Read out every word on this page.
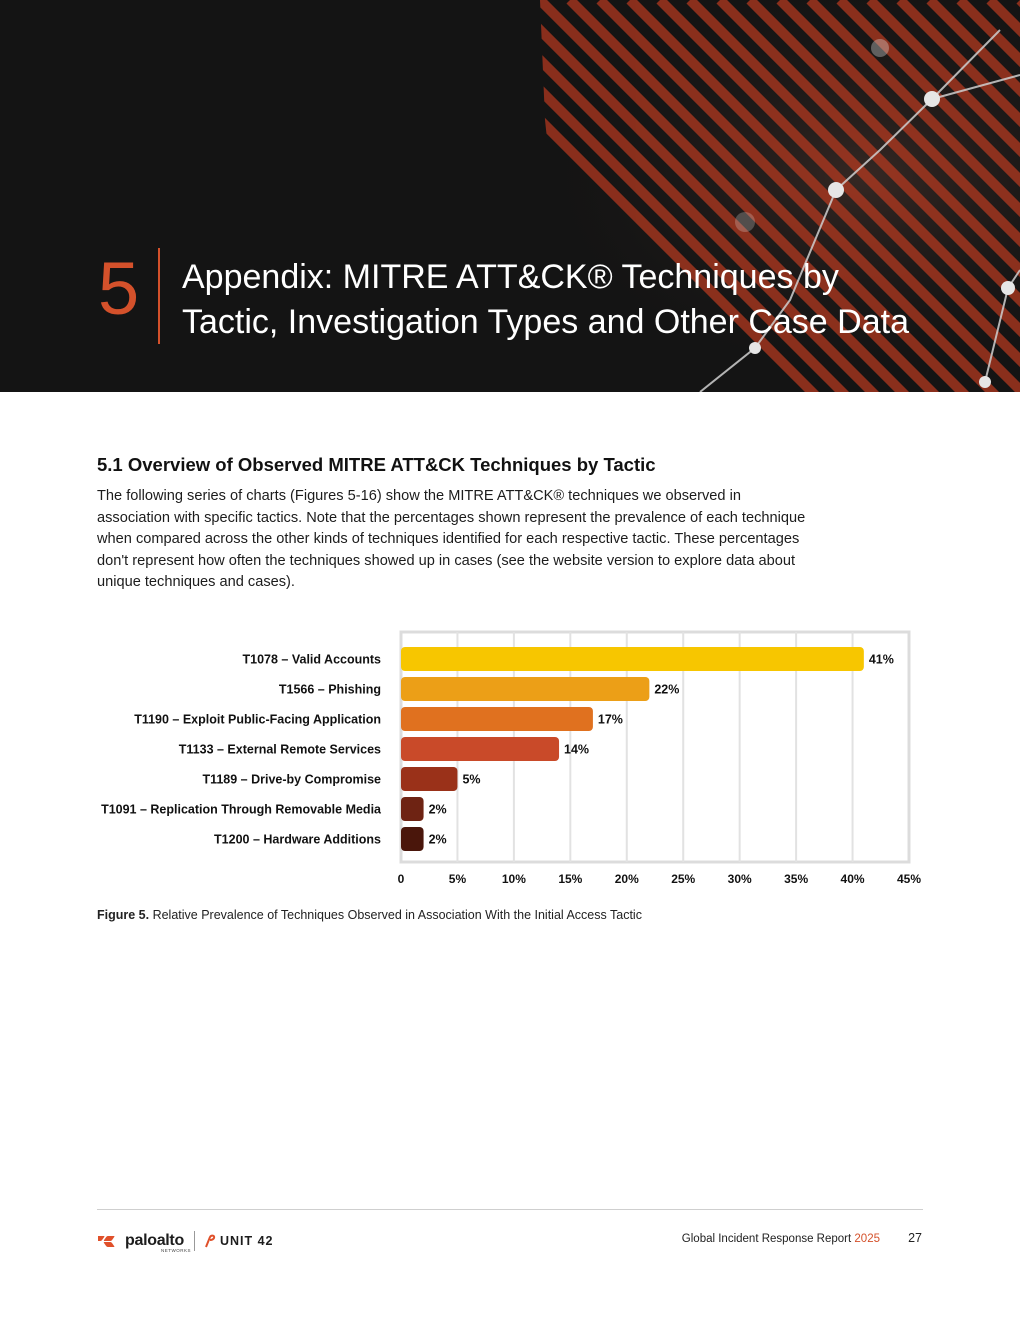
5 Appendix: MITRE ATT&CK® Techniques by
Tactic, Investigation Types and Other Case Data
5.1 Overview of Observed MITRE ATT&CK Techniques by Tactic

The following series of charts (Figures 5-16) show the MITRE ATT&CK® techniques we observed in association with specific tactics. Note that the percentages shown represent the prevalence of each technique when compared across the other kinds of techniques identified for each respective tactic. These percentages don't represent how often the techniques showed up in cases (see the website version to explore data about unique techniques and cases).

0	5%	10%	15%	20%	25%	30%	35%	40%	45%
T1078 – Valid Accounts	41%
T1566 – Phishing	22%
T1190 – Exploit Public-Facing Application	17%
T1133 – External Remote Services	14%
T1189 – Drive-by Compromise	5%
T1091 – Replication Through Removable Media	2%
T1200 – Hardware Additions	2%

Figure 5. Relative Prevalence of Techniques Observed in Association With the Initial Access Tactic

paloalto
NETWORKS
UNIT 42	Global Incident Response Report 2025 27
